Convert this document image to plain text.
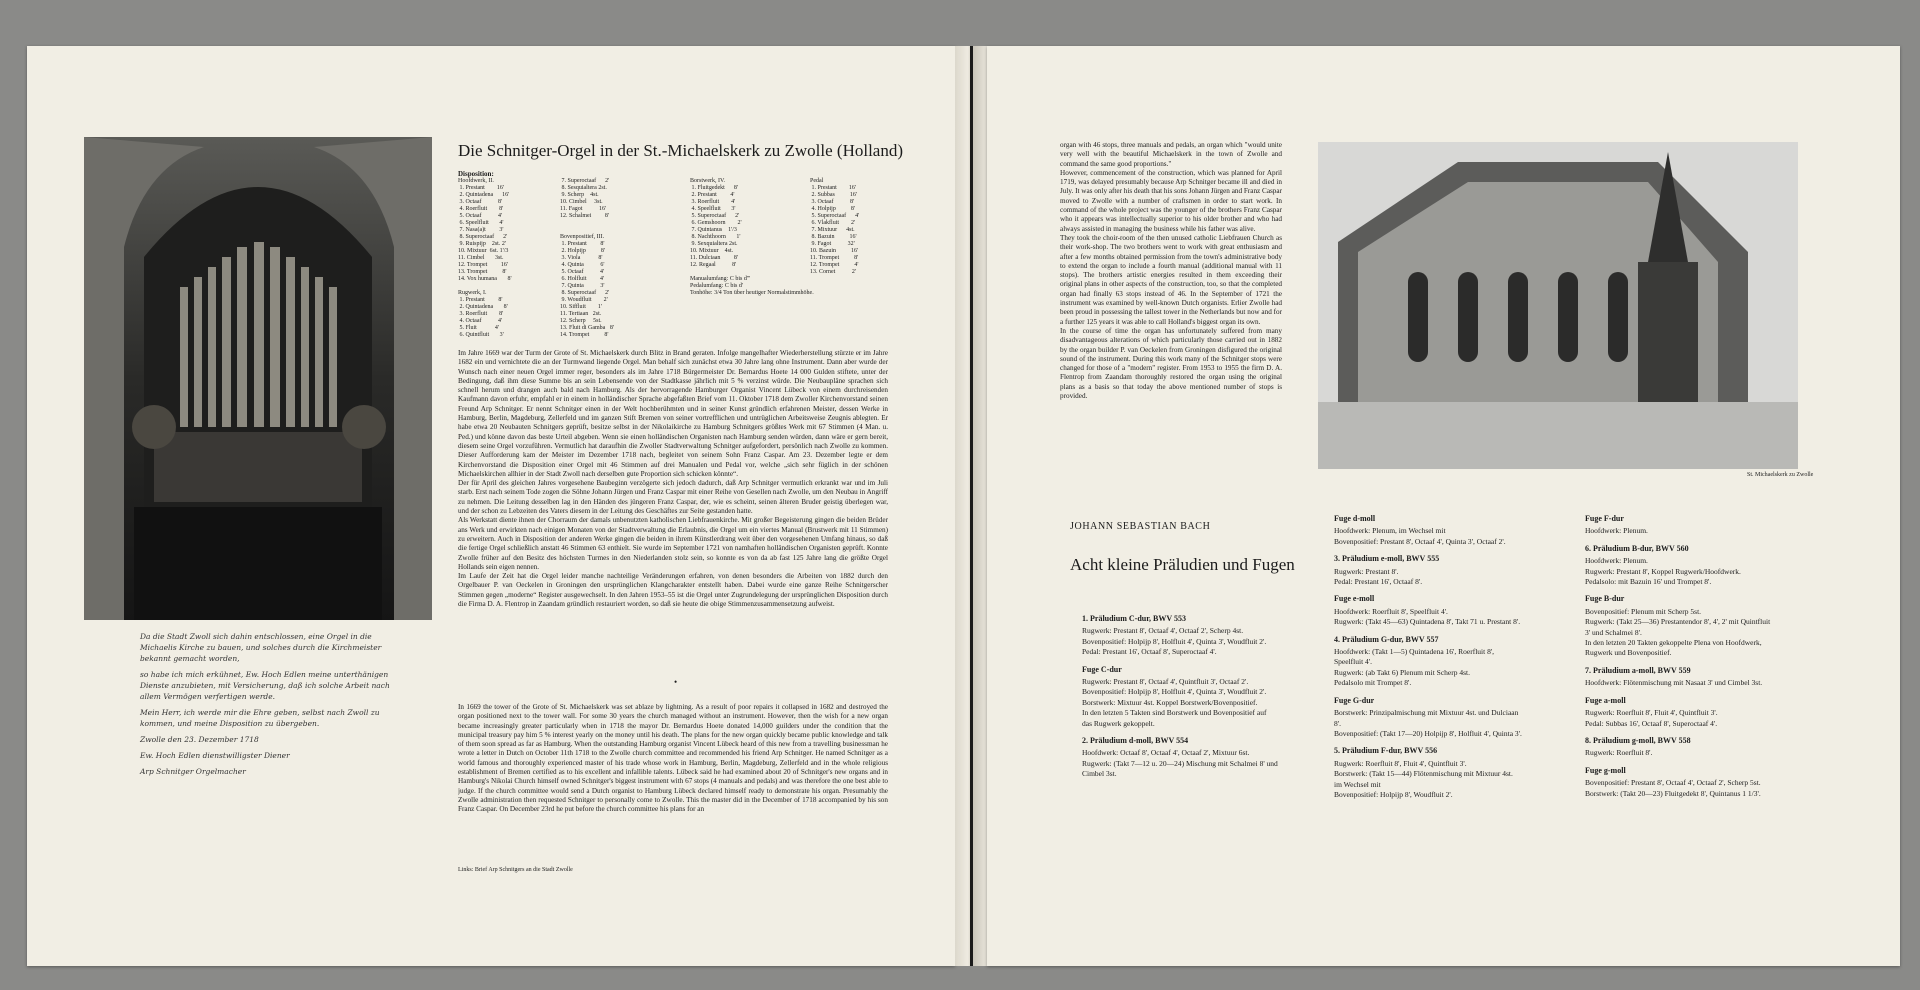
St. Michaelskerk zu Zwolle
Die Schnitger-Orgel in der St.-Michaelskerk zu Zwolle (Holland)
Disposition:
Hoofdwerk, II.
1. Prestant        16'
2. Quintadena      16'
3. Octaaf           8'
4. Roerfluit        8'
5. Octaaf           4'
6. Speelfluit       4'
7. Nasa(a)t         3'
8. Superoctaaf      2'
9. Ruispijp    2st. 2'
10. Mixtuur  6st. 1'/3
11. Cimbel       3st.
12. Trompet         16'
13. Trompet          8'
14. Vox humana       8'

Rugwerk, I.
1. Prestant         8'
2. Quintadena       8'
3. Roerfluit        8'
4. Octaaf           4'
5. Fluit            4'
6. Quintfluit       3'
7. Superoctaaf      2'
8. Sesquialtera 2st.
9. Scherp    4st.
10. Cimbel     3st.
11. Fagot           16'
12. Schalmei         8'

Bovenpositief, III.
1. Prestant         8'
2. Holpijp          8'
3. Viola            8'
4. Quinta           6'
5. Octaaf           4'
6. Holfluit         4'
7. Quinta           3'
8. Superoctaaf      2'
9. Woudfluit        2'
10. Siffluit        1'
11. Tertiaan   2st.
12. Scherp     5st.
13. Fluit di Gamba   8'
14. Trompet          8'
Borstwerk, IV.
1. Fluitgedekt      8'
2. Prestant         4'
3. Roerfluit        4'
4. Speelfluit       3'
5. Superoctaaf      2'
6. Gemshoorn        2'
7. Quintanus    1'/3
8. Nachthoorn       1'
9. Sexquialtera 2st.
10. Mixtuur    4st.
11. Dulciaan         8'
12. Regaal           8'

Manualumfang: C bis d'''
Pedalumfang: C bis d'
Tonhöhe: 3/4 Ton über heutiger Normalstimmhöhe.
Pedal
1. Prestant        16'
2. Subbas          16'
3. Octaaf           8'
4. Holpijp          8'
5. Superoctaaf      4'
6. Vlakfluit        2'
7. Mixtuur      4st.
8. Bazuin          16'
9. Fagot           32'
10. Bazuin          16'
11. Trompet          8'
12. Trompet          4'
13. Cornet           2'
Im Jahre 1669 war der Turm der Grote of St. Michaelskerk durch Blitz in Brand geraten. Infolge mangelhafter Wiederherstellung stürzte er im Jahre 1682 ein und vernichtete die an der Turmwand liegende Orgel. Man behalf sich zunächst etwa 30 Jahre lang ohne Instrument. Dann aber wurde der Wunsch nach einer neuen Orgel immer reger, besonders als im Jahre 1718 Bürgermeister Dr. Bernardus Hoete 14 000 Gulden stiftete, unter der Bedingung, daß ihm diese Summe bis an sein Lebensende von der Stadtkasse jährlich mit 5 % verzinst würde. Die Neubaupläne sprachen sich schnell herum und drangen auch bald nach Hamburg. Als der hervorragende Hamburger Organist Vincent Lübeck von einem durchreisenden Kaufmann davon erfuhr, empfahl er in einem in holländischer Sprache abgefaßten Brief vom 11. Oktober 1718 dem Zwoller Kirchenvorstand seinen Freund Arp Schnitger. Er nennt Schnitger einen in der Welt hochberühmten und in seiner Kunst gründlich erfahrenen Meister, dessen Werke in Hamburg, Berlin, Magdeburg, Zellerfeld und im ganzen Stift Bremen von seiner vortrefflichen und untrüglichen Arbeitsweise Zeugnis ablegten. Er habe etwa 20 Neubauten Schnitgers geprüft, besitze selbst in der Nikolaikirche zu Hamburg Schnitgers größtes Werk mit 67 Stimmen (4 Man. u. Ped.) und könne davon das beste Urteil abgeben. Wenn sie einen holländischen Organisten nach Hamburg senden würden, dann wäre er gern bereit, diesem seine Orgel vorzuführen. Vermutlich hat daraufhin die Zwoller Stadtverwaltung Schnitger aufgefordert, persönlich nach Zwolle zu kommen. Dieser Aufforderung kam der Meister im Dezember 1718 nach, begleitet von seinem Sohn Franz Caspar. Am 23. Dezember legte er dem Kirchenvorstand die Disposition einer Orgel mit 46 Stimmen auf drei Manualen und Pedal vor, welche „sich sehr füglich in der schönen Michaelskirchen allhier in der Stadt Zwoll nach derselben gute Proportion sich schicken könnte“.
Der für April des gleichen Jahres vorgesehene Baubeginn verzögerte sich jedoch dadurch, daß Arp Schnitger vermutlich erkrankt war und im Juli starb. Erst nach seinem Tode zogen die Söhne Johann Jürgen und Franz Caspar mit einer Reihe von Gesellen nach Zwolle, um den Neubau in Angriff zu nehmen. Die Leitung desselben lag in den Händen des jüngeren Franz Caspar, der, wie es scheint, seinen älteren Bruder geistig überlegen war, und der schon zu Lebzeiten des Vaters diesem in der Leitung des Geschäftes zur Seite gestanden hatte.
Als Werkstatt diente ihnen der Chorraum der damals unbenutzten katholischen Liebfrauenkirche. Mit großer Begeisterung gingen die beiden Brüder ans Werk und erwirkten nach einigen Monaten von der Stadtverwaltung die Erlaubnis, die Orgel um ein viertes Manual (Brustwerk mit 11 Stimmen) zu erweitern. Auch in Disposition der anderen Werke gingen die beiden in ihrem Künstlerdrang weit über den vorgesehenen Umfang hinaus, so daß die fertige Orgel schließlich anstatt 46 Stimmen 63 enthielt. Sie wurde im September 1721 von namhaften holländischen Organisten geprüft. Konnte Zwolle früher auf den Besitz des höchsten Turmes in den Niederlanden stolz sein, so konnte es von da ab fast 125 Jahre lang die größte Orgel Hollands sein eigen nennen.
Im Laufe der Zeit hat die Orgel leider manche nachteilige Veränderungen erfahren, von denen besonders die Arbeiten von 1882 durch den Orgelbauer P. van Oeckelen in Groningen den ursprünglichen Klangcharakter entstellt haben. Dabei wurde eine ganze Reihe Schnitgerscher Stimmen gegen „moderne“ Register ausgewechselt. In den Jahren 1953–55 ist die Orgel unter Zugrundelegung der ursprünglichen Disposition durch die Firma D. A. Flentrop in Zaandam gründlich restauriert worden, so daß sie heute die obige Stimmenzusammensetzung aufweist.
•
In 1669 the tower of the Grote of St. Michaelskerk was set ablaze by lightning. As a result of poor repairs it collapsed in 1682 and destroyed the organ positioned next to the tower wall. For some 30 years the church managed without an instrument. However, then the wish for a new organ became increasingly greater particularly when in 1718 the mayor Dr. Bernardus Hoete donated 14,000 guilders under the condition that the municipal treasury pay him 5 % interest yearly on the money until his death. The plans for the new organ quickly became public knowledge and talk of them soon spread as far as Hamburg. When the outstanding Hamburg organist Vincent Lübeck heard of this new from a travelling businessman he wrote a letter in Dutch on October 11th 1718 to the Zwolle church committee and recommended his friend Arp Schnitger. He named Schnitger as a world famous and thoroughly experienced master of his trade whose work in Hamburg, Berlin, Magdeburg, Zellerfeld and in the whole religious establishment of Bremen certified as to his excellent and infallible talents. Lübeck said he had examined about 20 of Schnitger's new organs and in Hamburg's Nikolai Church himself owned Schnitger's biggest instrument with 67 stops (4 manuals and pedals) and was therefore the one best able to judge. If the church committee would send a Dutch organist to Hamburg Lübeck declared himself ready to demonstrate his organ. Presumably the Zwolle administration then requested Schnitger to personally come to Zwolle. This the master did in the December of 1718 accompanied by his son Franz Caspar. On December 23rd he put before the church committee his plans for an

Da die Stadt Zwoll sich dahin entschlossen, eine Orgel in die Michaelis Kirche zu bauen, und solches durch die Kirchmeister bekannt gemacht worden,

so habe ich mich erkühnet, Ew. Hoch Edlen meine unterthänigen Dienste anzubieten, mit Versicherung, daß ich solche Arbeit nach allem Vermögen verfertigen werde.

Mein Herr, ich werde mir die Ehre geben, selbst nach Zwoll zu kommen, und meine Disposition zu übergeben.

Zwolle den 23. Dezember 1718

Ew. Hoch Edlen dienstwilligster Diener

Arp Schnitger Orgelmacher

Links: Brief Arp Schnitgers an die Stadt Zwolle
organ with 46 stops, three manuals and pedals, an organ which "would unite very well with the beautiful Michaelskerk in the town of Zwolle and command the same good proportions."
However, commencement of the construction, which was planned for April 1719, was delayed presumably because Arp Schnitger became ill and died in July. It was only after his death that his sons Johann Jürgen and Franz Caspar moved to Zwolle with a number of craftsmen in order to start work. In command of the whole project was the younger of the brothers Franz Caspar who it appears was intellectually superior to his older brother and who had always assisted in managing the business while his father was alive.
They took the choir-room of the then unused catholic Liebfrauen Church as their work-shop. The two brothers went to work with great enthusiasm and after a few months obtained permission from the town's administrative body to extend the organ to include a fourth manual (additional manual with 11 stops). The brothers artistic energies resulted in them exceeding their original plans in other aspects of the construction, too, so that the completed organ had finally 63 stops instead of 46. In the September of 1721 the instrument was examined by well-known Dutch organists. Erlier Zwolle had been proud in possessing the tallest tower in the Netherlands but now and for a further 125 years it was able to call Holland's biggest organ its own.
In the course of time the organ has unfortunately suffered from many disadvantageous alterations of which particularly those carried out in 1882 by the organ builder P. van Oeckelen from Groningen disfigured the original sound of the instrument. During this work many of the Schnitger stops were changed for those of a "modern" register. From 1953 to 1955 the firm D. A. Flentrop from Zaandam thoroughly restored the organ using the original plans as a basis so that today the above mentioned number of stops is provided.
JOHANN SEBASTIAN BACH
Acht kleine Präludien und Fugen
1. Präludium C-dur, BWV 553
Rugwerk: Prestant 8', Octaaf 4', Octaaf 2', Scherp 4st.
Bovenpositief: Holpijp 8', Holfluit 4', Quinta 3', Woudfluit 2'.
Pedal: Prestant 16', Octaaf 8', Superoctaaf 4'.
Fuge C-dur
Rugwerk: Prestant 8', Octaaf 4', Quintfluit 3', Octaaf 2'.
Bovenpositief: Holpijp 8', Holfluit 4', Quinta 3', Woudfluit 2'.
Borstwerk: Mixtuur 4st. Koppel Borstwerk/Bovenpositief.
In den letzten 5 Takten sind Borstwerk und Bovenpositief auf das Rugwerk gekoppelt.
2. Präludium d-moll, BWV 554
Hoofdwerk: Octaaf 8', Octaaf 4', Octaaf 2', Mixtuur 6st.
Rugwerk: (Takt 7—12 u. 20—24) Mischung mit Schalmei 8' und Cimbel 3st.
Fuge d-moll
Hoofdwerk: Plenum, im Wechsel mit
Bovenpositief: Prestant 8', Octaaf 4', Quinta 3', Octaaf 2'.
3. Präludium e-moll, BWV 555
Rugwerk: Prestant 8'.
Pedal: Prestant 16', Octaaf 8'.
Fuge e-moll
Hoofdwerk: Roerfluit 8', Speelfluit 4'.
Rugwerk: (Takt 45—63) Quintadena 8', Takt 71 u. Prestant 8'.
4. Präludium G-dur, BWV 557
Hoofdwerk: (Takt 1—5) Quintadena 16', Roerfluit 8', Speelfluit 4'.
Rugwerk: (ab Takt 6) Plenum mit Scherp 4st.
Pedalsolo mit Trompet 8'.
Fuge G-dur
Borstwerk: Prinzipalmischung mit Mixtuur 4st. und Dulciaan 8'.
Bovenpositief: (Takt 17—20) Holpijp 8', Holfluit 4', Quinta 3'.
5. Präludium F-dur, BWV 556
Rugwerk: Roerfluit 8', Fluit 4', Quintfluit 3'.
Borstwerk: (Takt 15—44) Flötenmischung mit Mixtuur 4st. im Wechsel mit
Bovenpositief: Holpijp 8', Woudfluit 2'.
Fuge F-dur
Hoofdwerk: Plenum.
6. Präludium B-dur, BWV 560
Hoofdwerk: Plenum.
Rugwerk: Prestant 8', Koppel Rugwerk/Hoofdwerk.
Pedalsolo: mit Bazuin 16' und Trompet 8'.
Fuge B-dur
Bovenpositief: Plenum mit Scherp 5st.
Rugwerk: (Takt 25—36) Prestantendor 8', 4', 2' mit Quintfluit 3' und Schalmei 8'.
In den letzten 20 Takten gekoppelte Plena von Hoofdwerk, Rugwerk und Bovenpositief.
7. Präludium a-moll, BWV 559
Hoofdwerk: Flötenmischung mit Nasaat 3' und Cimbel 3st.
Fuge a-moll
Rugwerk: Roerfluit 8', Fluit 4', Quintfluit 3'.
Pedal: Subbas 16', Octaaf 8', Superoctaaf 4'.
8. Präludium g-moll, BWV 558
Rugwerk: Roerfluit 8'.
Fuge g-moll
Bovenpositief: Prestant 8', Octaaf 4', Octaaf 2', Scherp 5st.
Borstwerk: (Takt 20—23) Fluitgedekt 8', Quintanus 1 1/3'.
